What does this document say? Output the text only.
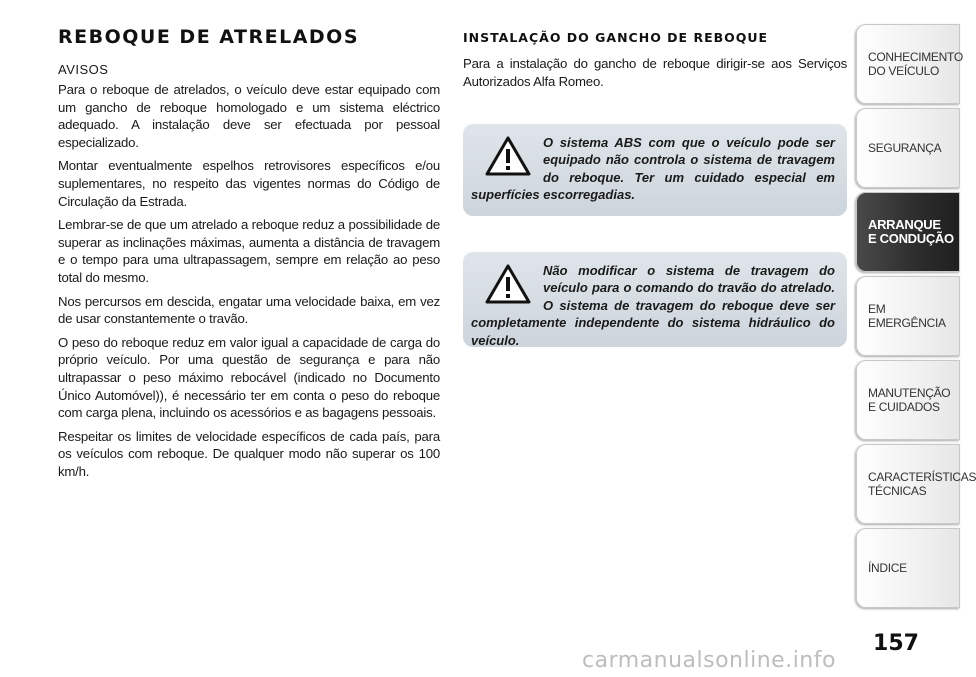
REBOQUE DE ATRELADOS
AVISOS

Para o reboque de atrelados, o veículo deve estar equipado com um gancho de reboque homologado e um sistema eléctrico adequado. A instalação deve ser efectuada por pessoal especializado.

Montar eventualmente espelhos retrovisores específicos e/ou suplementares, no respeito das vigentes normas do Código de Circulação da Estrada.

Lembrar-se de que um atrelado a reboque reduz a possibilidade de superar as inclinações máximas, aumenta a distância de travagem e o tempo para uma ultrapassagem, sempre em relação ao peso total do mesmo.

Nos percursos em descida, engatar uma velocidade baixa, em vez de usar constantemente o travão.

O peso do reboque reduz em valor igual a capacidade de carga do próprio veículo. Por uma questão de segurança e para não ultrapassar o peso máximo rebocável (indicado no Documento Único Automóvel)), é necessário ter em conta o peso do reboque com carga plena, incluindo os acessórios e as bagagens pessoais.

Respeitar os limites de velocidade específicos de cada país, para os veículos com reboque. De qualquer modo não superar os 100 km/h.

INSTALAÇÃO DO GANCHO DE REBOQUE

Para a instalação do gancho de reboque dirigir-se aos Serviços Autorizados Alfa Romeo.

O sistema ABS com que o veículo pode ser equipado não controla o sistema de travagem do reboque. Ter um cuidado especial em superfícies escorregadias.
Não modificar o sistema de travagem do veículo para o comando do travão do atrelado. O sistema de travagem do reboque deve ser completamente independente do sistema hidráulico do veículo.
CONHECIMENTO
DO VEÍCULO
SEGURANÇA
ARRANQUE
E CONDUÇÃO
EM EMERGÊNCIA
MANUTENÇÃO
E CUIDADOS
CARACTERÍSTICAS
TÉCNICAS
ÍNDICE
157
carmanualsonline.info
